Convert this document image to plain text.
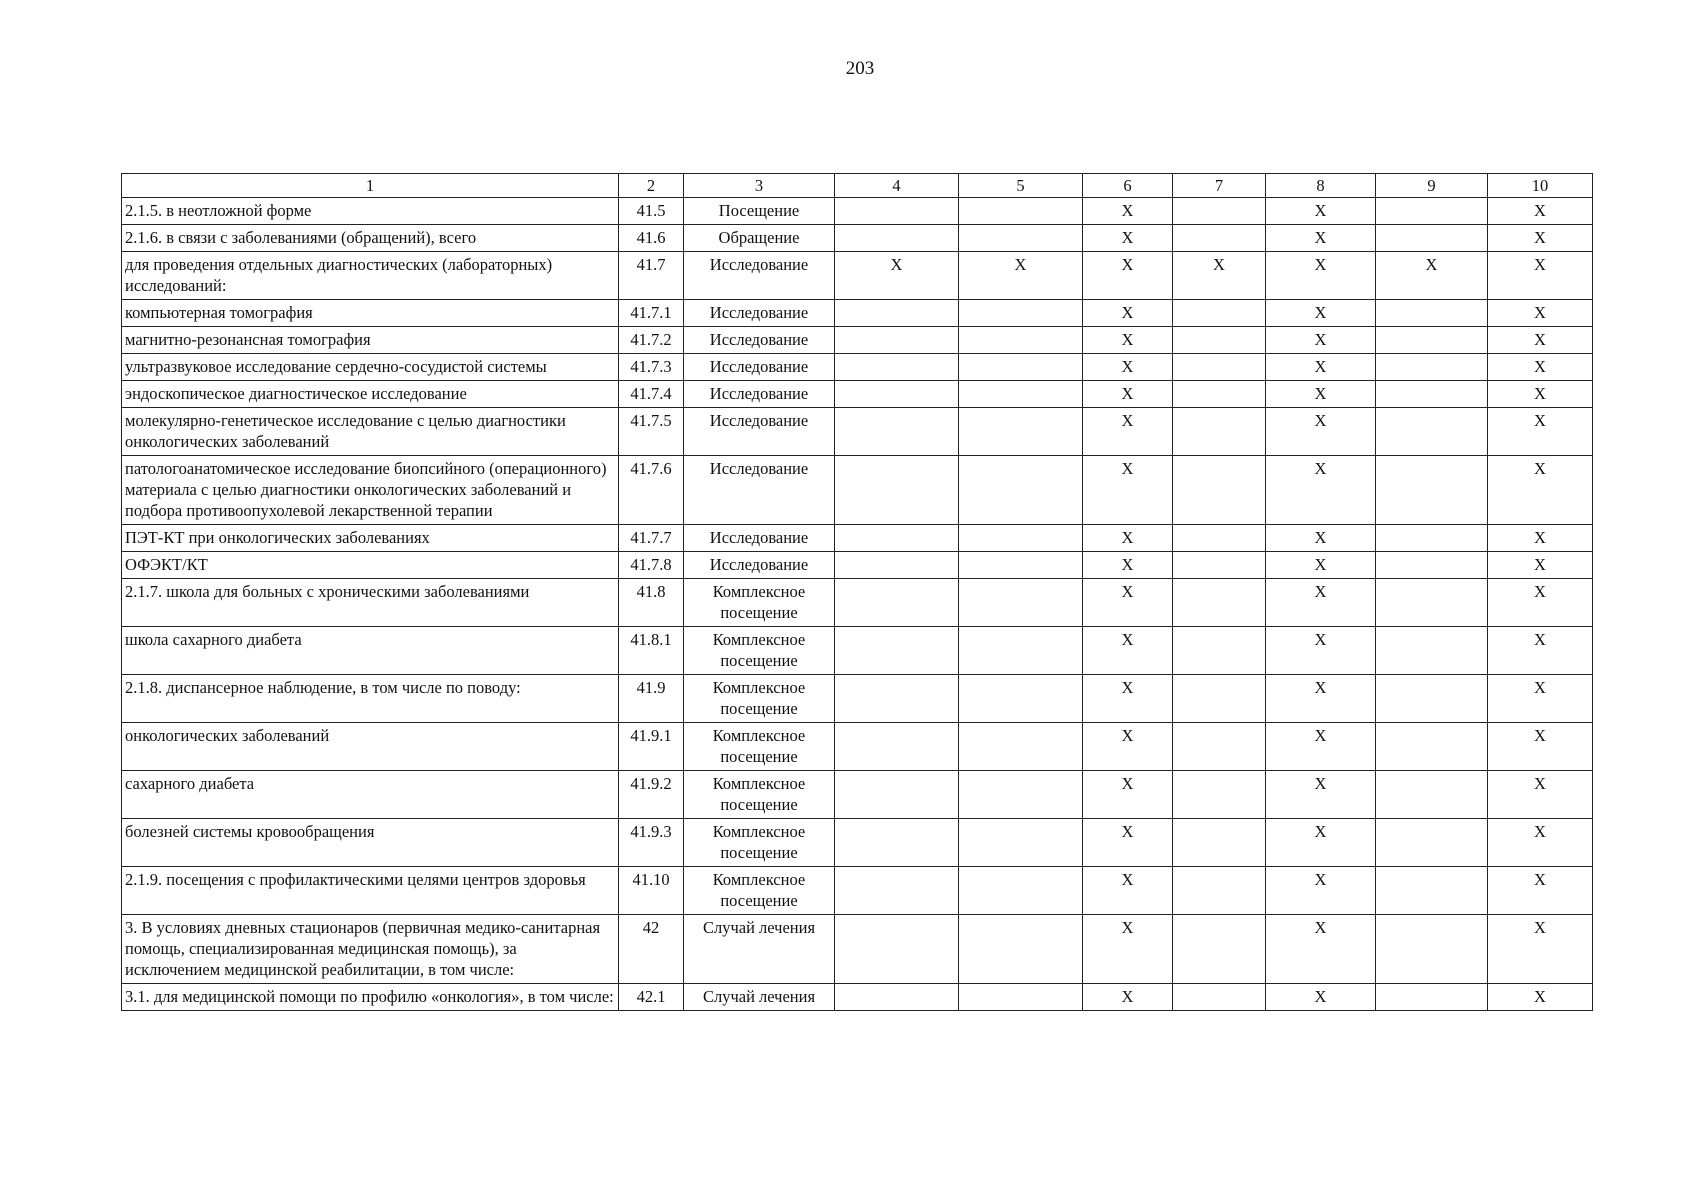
203
1	2	3	4	5	6	7	8	9	10
2.1.5. в неотложной форме	41.5	Посещение			X		X		X
2.1.6. в связи с заболеваниями (обращений), всего	41.6	Обращение			X		X		X
для проведения отдельных диагностических (лабораторных) исследований:	41.7	Исследование	X	X	X	X	X	X	X
компьютерная томография	41.7.1	Исследование			X		X		X
магнитно-резонансная томография	41.7.2	Исследование			X		X		X
ультразвуковое исследование сердечно-сосудистой системы	41.7.3	Исследование			X		X		X
эндоскопическое диагностическое исследование	41.7.4	Исследование			X		X		X
молекулярно-генетическое исследование с целью диагностики онкологических заболеваний	41.7.5	Исследование			X		X		X
патологоанатомическое исследование биопсийного (операционного) материала с целью диагностики онкологических заболеваний и подбора противоопухолевой лекарственной терапии	41.7.6	Исследование			X		X		X
ПЭТ-КТ при онкологических заболеваниях	41.7.7	Исследование			X		X		X
ОФЭКТ/КТ	41.7.8	Исследование			X		X		X
2.1.7. школа для больных с хроническими заболеваниями	41.8	Комплексное посещение			X		X		X
школа сахарного диабета	41.8.1	Комплексное посещение			X		X		X
2.1.8. диспансерное наблюдение, в том числе по поводу:	41.9	Комплексное посещение			X		X		X
онкологических заболеваний	41.9.1	Комплексное посещение			X		X		X
сахарного диабета	41.9.2	Комплексное посещение			X		X		X
болезней системы кровообращения	41.9.3	Комплексное посещение			X		X		X
2.1.9. посещения с профилактическими целями центров здоровья	41.10	Комплексное посещение			X		X		X
3. В условиях дневных стационаров (первичная медико-санитарная помощь, специализированная медицинская помощь), за исключением медицинской реабилитации, в том числе:	42	Случай лечения			X		X		X
3.1. для медицинской помощи по профилю «онкология», в том числе:	42.1	Случай лечения			X		X		X
